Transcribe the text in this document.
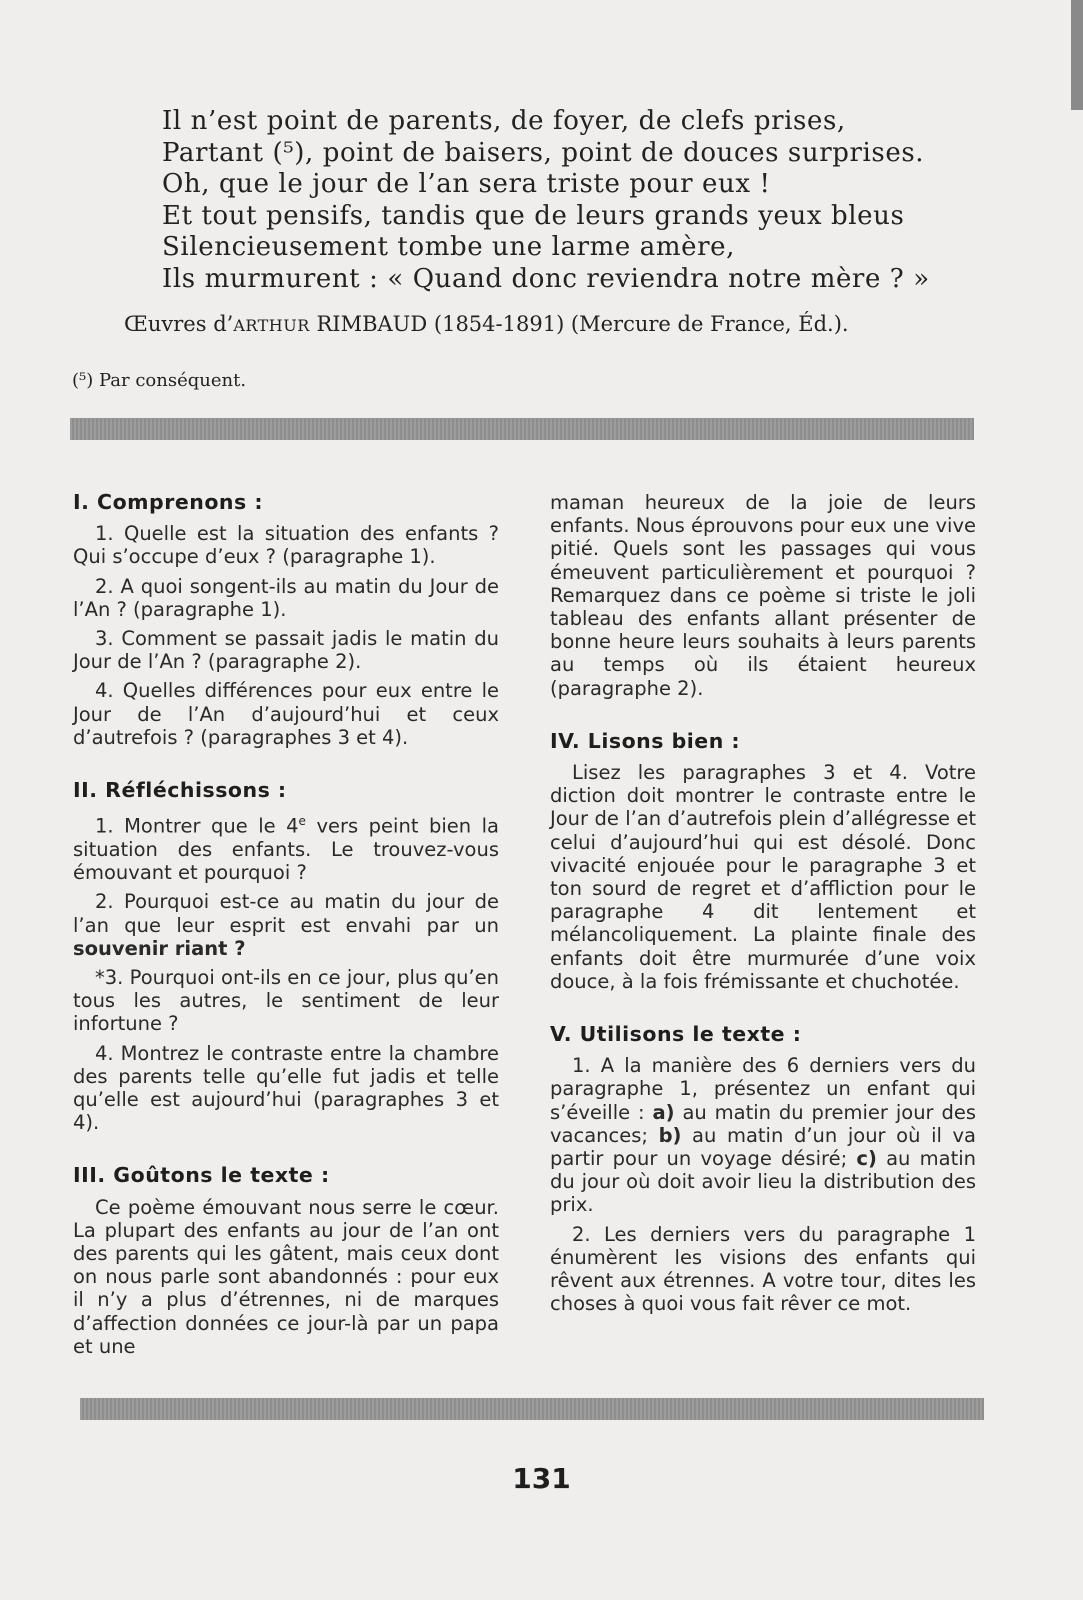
Il n’est point de parents, de foyer, de clefs prises,
Partant (⁵), point de baisers, point de douces surprises.
Oh, que le jour de l’an sera triste pour eux !
Et tout pensifs, tandis que de leurs grands yeux bleus
Silencieusement tombe une larme amère,
Ils murmurent : « Quand donc reviendra notre mère ? »
Œuvres d’ARTHUR RIMBAUD (1854-1891) (Mercure de France, Éd.).
(⁵) Par conséquent.
I. Comprenons :

1. Quelle est la situation des enfants ? Qui s’occupe d’eux ? (paragraphe 1).

2. A quoi songent-ils au matin du Jour de l’An ? (paragraphe 1).

3. Comment se passait jadis le matin du Jour de l’An ? (paragraphe 2).

4. Quelles différences pour eux entre le Jour de l’An d’aujourd’hui et ceux d’autrefois ? (paragraphes 3 et 4).

II. Réfléchissons :

1. Montrer que le 4e vers peint bien la situation des enfants. Le trouvez-vous émouvant et pourquoi ?

2. Pourquoi est-ce au matin du jour de l’an que leur esprit est envahi par un souvenir riant ?

*3. Pourquoi ont-ils en ce jour, plus qu’en tous les autres, le sentiment de leur infortune ?

4. Montrez le contraste entre la chambre des parents telle qu’elle fut jadis et telle qu’elle est aujourd’hui (paragraphes 3 et 4).

III. Goûtons le texte :

Ce poème émouvant nous serre le cœur. La plupart des enfants au jour de l’an ont des parents qui les gâtent, mais ceux dont on nous parle sont abandonnés : pour eux il n’y a plus d’étrennes, ni de marques d’affection données ce jour-là par un papa et une

maman heureux de la joie de leurs enfants. Nous éprouvons pour eux une vive pitié. Quels sont les passages qui vous émeuvent particulièrement et pourquoi ? Remarquez dans ce poème si triste le joli tableau des enfants allant présenter de bonne heure leurs souhaits à leurs parents au temps où ils étaient heureux (paragraphe 2).

IV. Lisons bien :

Lisez les paragraphes 3 et 4. Votre diction doit montrer le contraste entre le Jour de l’an d’autrefois plein d’allégresse et celui d’aujourd’hui qui est désolé. Donc vivacité enjouée pour le paragraphe 3 et ton sourd de regret et d’affliction pour le paragraphe 4 dit lentement et mélancoliquement. La plainte finale des enfants doit être murmurée d’une voix douce, à la fois frémissante et chuchotée.

V. Utilisons le texte :

1. A la manière des 6 derniers vers du paragraphe 1, présentez un enfant qui s’éveille : a) au matin du premier jour des vacances; b) au matin d’un jour où il va partir pour un voyage désiré; c) au matin du jour où doit avoir lieu la distribution des prix.

2. Les derniers vers du paragraphe 1 énumèrent les visions des enfants qui rêvent aux étrennes. A votre tour, dites les choses à quoi vous fait rêver ce mot.

131
